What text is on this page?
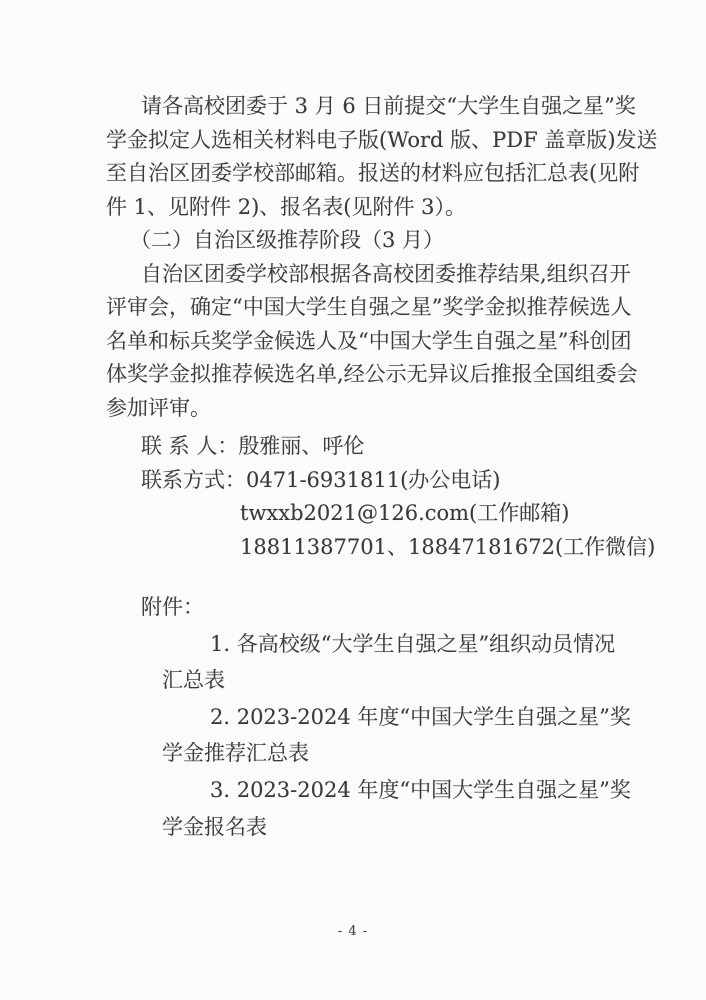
请各高校团委于 3 月 6 日前提交“大学生自强之星”奖
学金拟定人选相关材料电子版(Word 版、PDF 盖章版)发送
至自治区团委学校部邮箱。报送的材料应包括汇总表(见附
件 1、见附件 2)、报名表(见附件 3）。
（二）自治区级推荐阶段（3 月）
自治区团委学校部根据各高校团委推荐结果,组织召开
评审会，确定“中国大学生自强之星”奖学金拟推荐候选人
名单和标兵奖学金候选人及“中国大学生自强之星”科创团
体奖学金拟推荐候选名单,经公示无异议后推报全国组委会
参加评审。
联 系 人：殷雅丽、呼伦
联系方式：0471-6931811(办公电话)
twxxb2021@126.com(工作邮箱)
18811387701、18847181672(工作微信)
附件：
1. 各高校级“大学生自强之星”组织动员情况
汇总表
2. 2023-2024 年度“中国大学生自强之星”奖
学金推荐汇总表
3. 2023-2024 年度“中国大学生自强之星”奖
学金报名表
- 4 -
